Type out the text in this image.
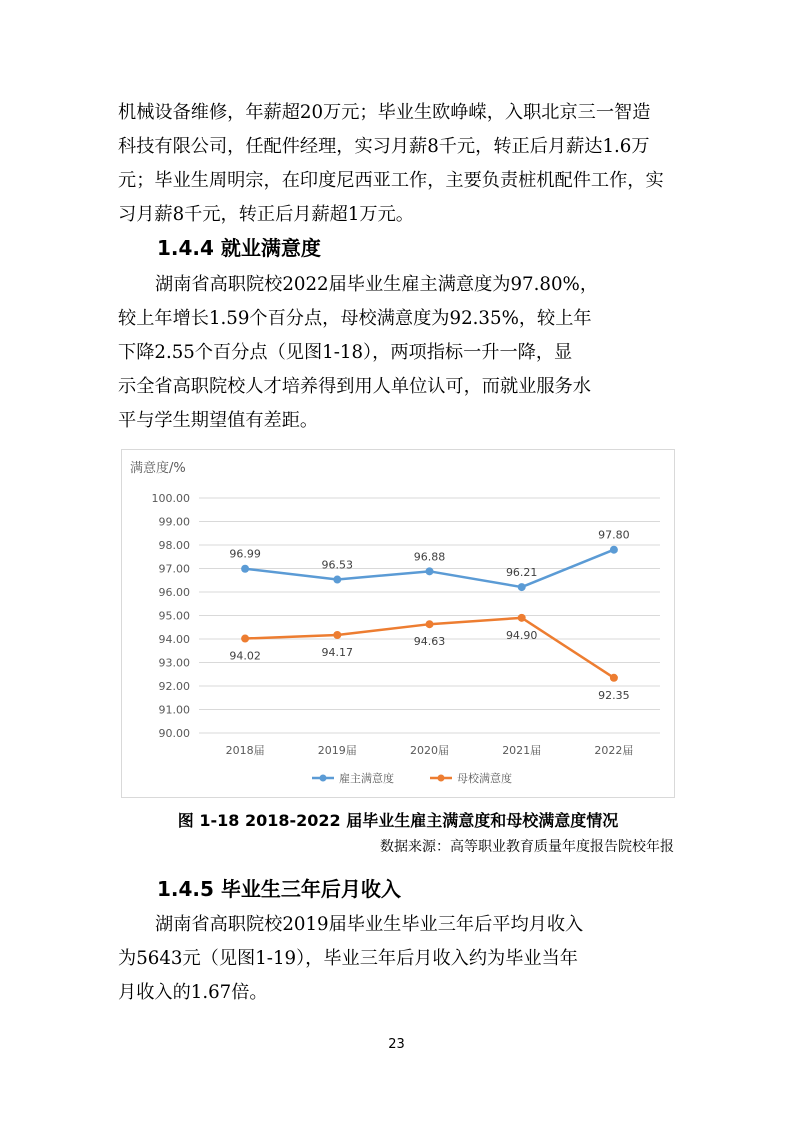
机械设备维修，年薪超20万元；毕业生欧峥嵘，入职北京三一智造
科技有限公司，任配件经理，实习月薪8千元，转正后月薪达1.6万
元；毕业生周明宗，在印度尼西亚工作，主要负责桩机配件工作，实
习月薪8千元，转正后月薪超1万元。

1.4.4 就业满意度

湖南省高职院校2022届毕业生雇主满意度为97.80%，
较上年增长1.59个百分点，母校满意度为92.35%，较上年
下降2.55个百分点（见图1-18），两项指标一升一降，显
示全省高职院校人才培养得到用人单位认可，而就业服务水
平与学生期望值有差距。

满意度/%
90.00
91.00
92.00
93.00
94.00
95.00
96.00
97.00
98.00
99.00
100.00
2018届	2019届	2020届	2021届	2022届
96.99
96.53
96.88
96.21
97.80
94.02	94.17
94.63	94.90
92.35
雇主满意度	母校满意度

图 1-18 2018-2022 届毕业生雇主满意度和母校满意度情况

数据来源：高等职业教育质量年度报告院校年报

1.4.5 毕业生三年后月收入

湖南省高职院校2019届毕业生毕业三年后平均月收入
为5643元（见图1-19），毕业三年后月收入约为毕业当年
月收入的1.67倍。

23
